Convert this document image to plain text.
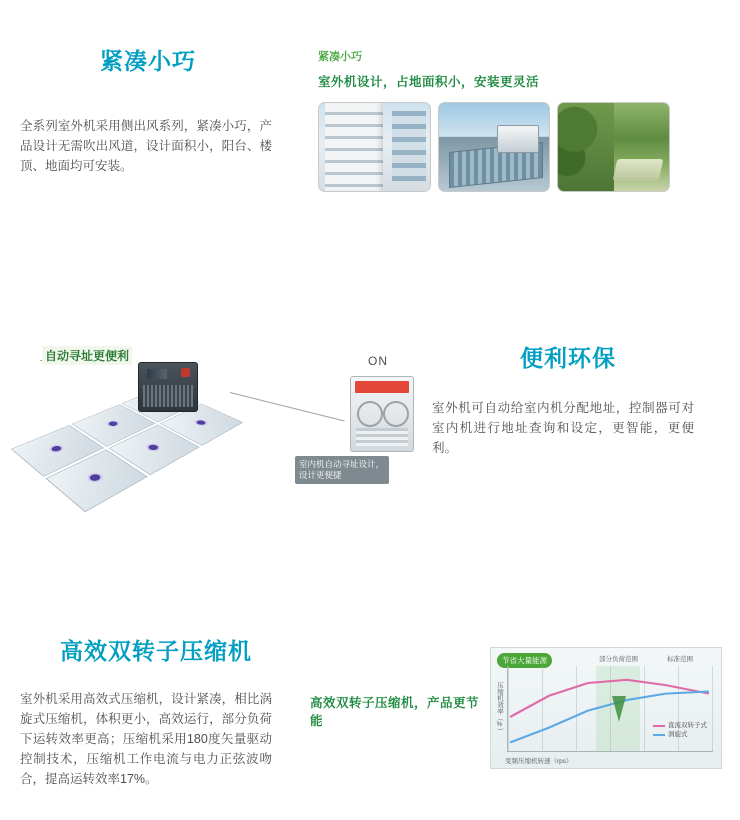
紧凑小巧
全系列室外机采用侧出风系列，紧凑小巧，产品设计无需吹出风道，设计面积小，阳台、楼顶、地面均可安装。
紧凑小巧
室外机设计，占地面积小，安装更灵活
便利环保
室外机可自动给室内机分配地址，控制器可对室内机进行地址查询和设定，更智能，更便利。
自动寻址更便利	ON
室内机自动寻址设计，设计更便捷
高效双转子压缩机
室外机采用高效式压缩机，设计紧凑，相比涡旋式压缩机，体积更小，高效运行，部分负荷下运转效率更高；压缩机采用180度矢量驱动控制技术，压缩机工作电流与电力正弦波吻合，提高运转效率17%。
高效双转子压缩机，产品更节能
节省大量能源	部分负荷范围	标准范围
压缩机效率（%）	直流双转子式
涡旋式
变频压缩机转速（rps）
